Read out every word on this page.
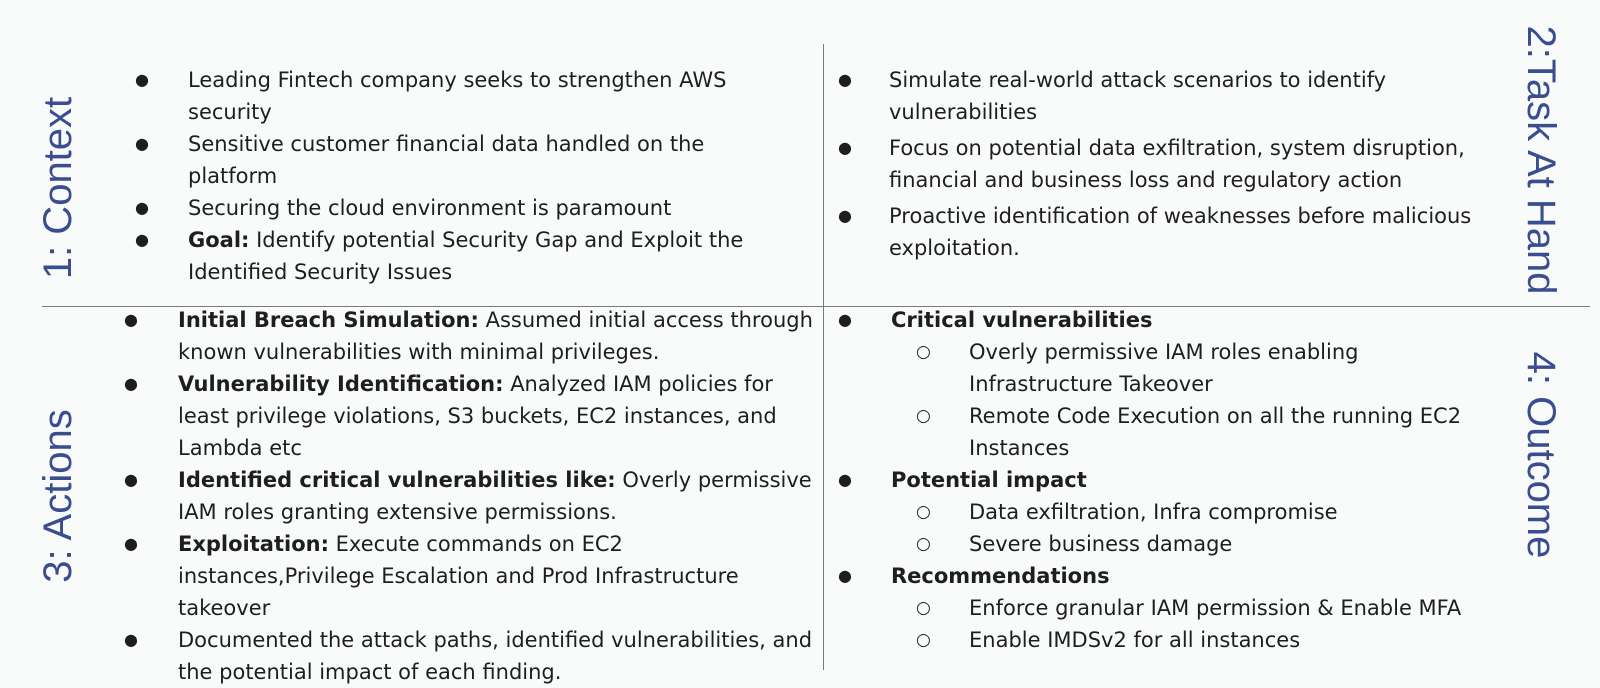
1: Context	2:Task At Hand
3: Actions	4: Outcome
● Leading Fintech company seeks to strengthen AWS security
● Sensitive customer financial data handled on the platform
● Securing the cloud environment is paramount
● Goal: Identify potential Security Gap and Exploit the Identified Security Issues
● Simulate real-world attack scenarios to identify vulnerabilities
● Focus on potential data exfiltration, system disruption, financial and business loss and regulatory action
● Proactive identification of weaknesses before malicious exploitation.
● Initial Breach Simulation: Assumed initial access through known vulnerabilities with minimal privileges.
● Vulnerability Identification: Analyzed IAM policies for least privilege violations, S3 buckets, EC2 instances, and Lambda etc
● Identified critical vulnerabilities like: Overly permissive IAM roles granting extensive permissions.
● Exploitation: Execute commands on EC2 instances,Privilege Escalation and Prod Infrastructure takeover
● Documented the attack paths, identified vulnerabilities, and the potential impact of each finding.
● Critical vulnerabilities
○ Overly permissive IAM roles enabling Infrastructure Takeover
○ Remote Code Execution on all the running EC2 Instances
● Potential impact
○ Data exfiltration, Infra compromise
○ Severe business damage
● Recommendations
○ Enforce granular IAM permission & Enable MFA
○ Enable IMDSv2 for all instances
